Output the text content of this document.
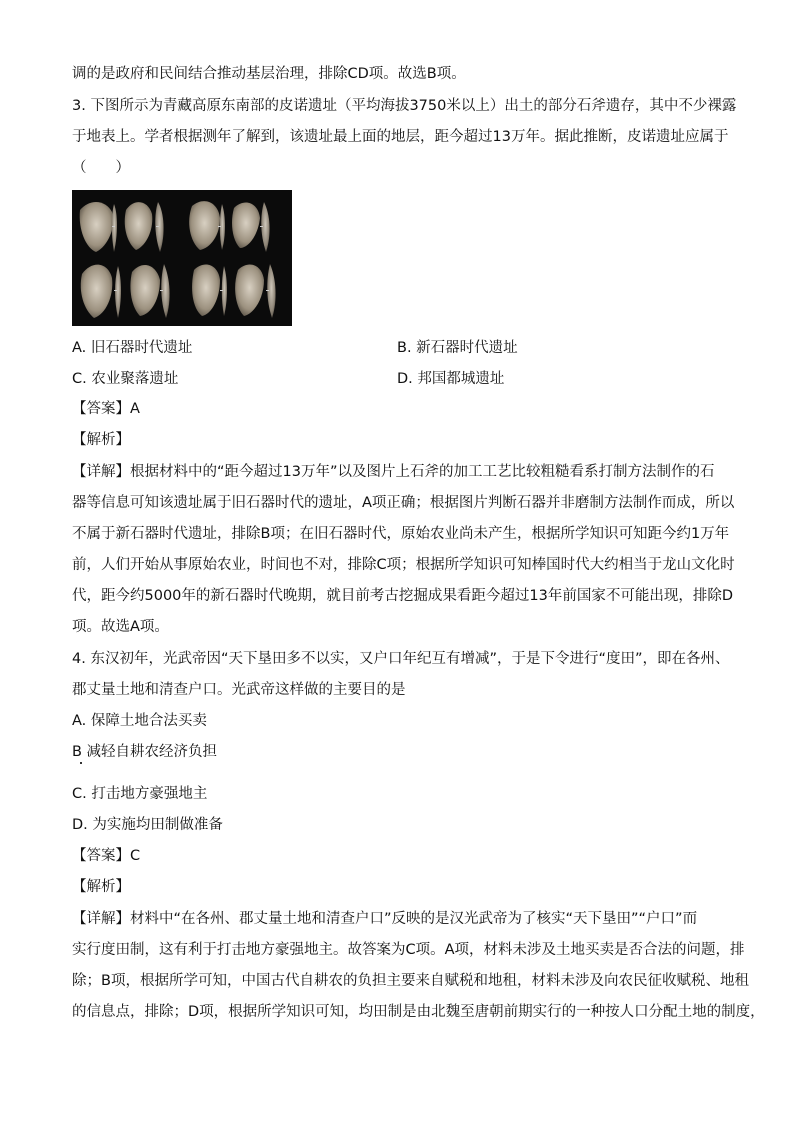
调的是政府和民间结合推动基层治理，排除CD项。故选B项。
3. 下图所示为青藏高原东南部的皮诺遗址（平均海拔3750米以上）出土的部分石斧遗存，其中不少裸露
于地表上。学者根据测年了解到，该遗址最上面的地层，距今超过13万年。据此推断，皮诺遗址应属于
（　　）
A. 旧石器时代遗址	B. 新石器时代遗址
C. 农业聚落遗址	D. 邦国都城遗址
【答案】A
【解析】
【详解】根据材料中的“距今超过13万年”以及图片上石斧的加工工艺比较粗糙看系打制方法制作的石
器等信息可知该遗址属于旧石器时代的遗址，A项正确；根据图片判断石器并非磨制方法制作而成，所以
不属于新石器时代遗址，排除B项；在旧石器时代，原始农业尚未产生，根据所学知识可知距今约1万年
前，人们开始从事原始农业，时间也不对，排除C项；根据所学知识可知棒国时代大约相当于龙山文化时
代，距今约5000年的新石器时代晚期，就目前考古挖掘成果看距今超过13年前国家不可能出现，排除D
项。故选A项。
4. 东汉初年，光武帝因“天下垦田多不以实，又户口年纪互有增减”，于是下令进行“度田”，即在各州、
郡丈量土地和清查户口。光武帝这样做的主要目的是
A. 保障土地合法买卖
B 减轻自耕农经济负担
C. 打击地方豪强地主
D. 为实施均田制做准备
【答案】C
【解析】
【详解】材料中“在各州、郡丈量土地和清查户口”反映的是汉光武帝为了核实“天下垦田”“户口”而
实行度田制，这有利于打击地方豪强地主。故答案为C项。A项，材料未涉及土地买卖是否合法的问题，排
除；B项，根据所学可知，中国古代自耕农的负担主要来自赋税和地租，材料未涉及向农民征收赋税、地租
的信息点，排除；D项，根据所学知识可知，均田制是由北魏至唐朝前期实行的一种按人口分配土地的制度，
